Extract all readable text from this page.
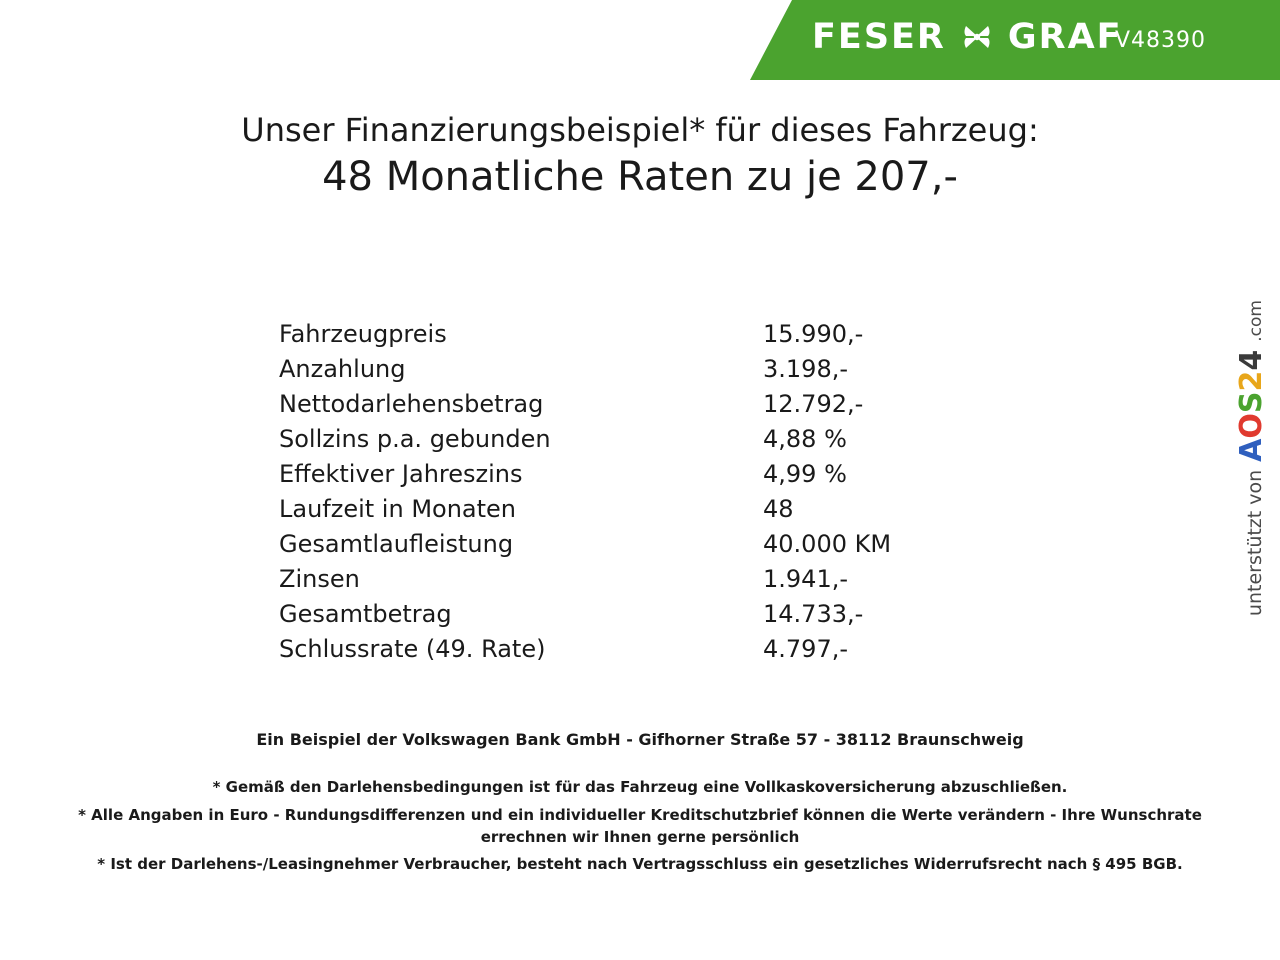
FESER GRAF
V48390

Unser Finanzierungsbeispiel* für dieses Fahrzeug:

48 Monatliche Raten zu je 207,-

Fahrzeugpreis	15.990,-
Anzahlung	3.198,-
Nettodarlehensbetrag	12.792,-
Sollzins p.a. gebunden	4,88 %
Effektiver Jahreszins	4,99 %
Laufzeit in Monaten	48
Gesamtlaufleistung	40.000 KM
Zinsen	1.941,-
Gesamtbetrag	14.733,-
Schlussrate (49. Rate)	4.797,-

Ein Beispiel der Volkswagen Bank GmbH - Gifhorner Straße 57 - 38112 Braunschweig

* Gemäß den Darlehensbedingungen ist für das Fahrzeug eine Vollkaskoversicherung abzuschließen.

* Alle Angaben in Euro - Rundungsdifferenzen und ein individueller Kreditschutzbrief können die Werte verändern - Ihre Wunschrate errechnen wir Ihnen gerne persönlich

* Ist der Darlehens-/Leasingnehmer Verbraucher, besteht nach Vertragsschluss ein gesetzliches Widerrufsrecht nach § 495 BGB.

unterstützt von
AOS24
.com
